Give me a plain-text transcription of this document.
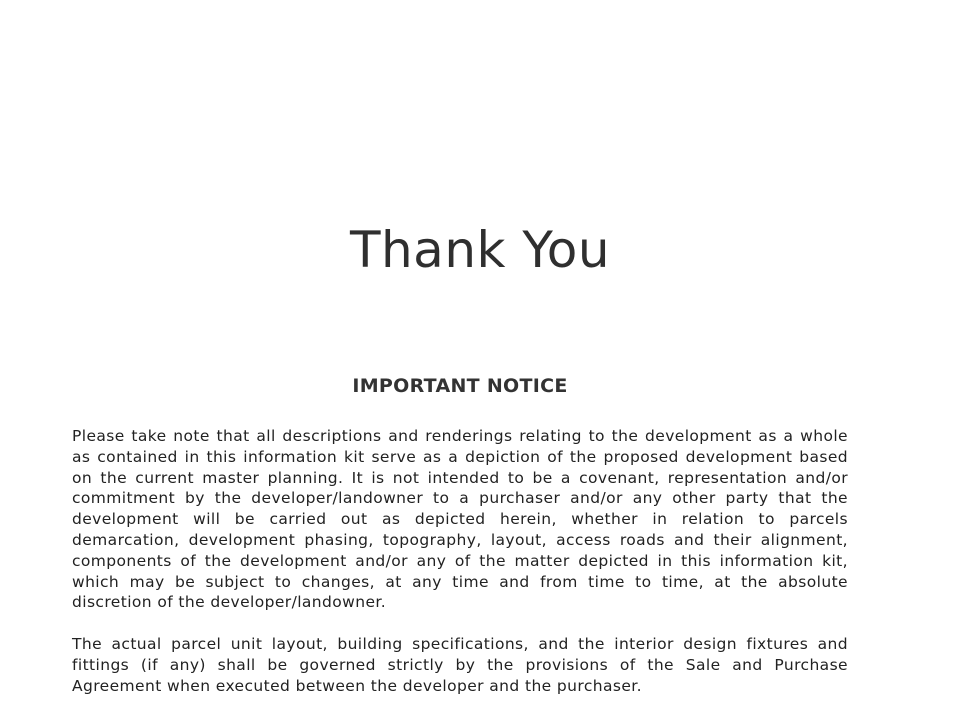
Thank You
IMPORTANT NOTICE

Please take note that all descriptions and renderings relating to the development as a whole as contained in this information kit serve as a depiction of the proposed development based on the current master planning. It is not intended to be a covenant, representation and/or commitment by the developer/landowner to a purchaser and/or any other party that the development will be carried out as depicted herein, whether in relation to parcels demarcation, development phasing, topography, layout, access roads and their alignment, components of the development and/or any of the matter depicted in this information kit, which may be subject to changes, at any time and from time to time, at the absolute discretion of the developer/landowner.

The actual parcel unit layout, building specifications, and the interior design fixtures and fittings (if any) shall be governed strictly by the provisions of the Sale and Purchase Agreement when executed between the developer and the purchaser.
